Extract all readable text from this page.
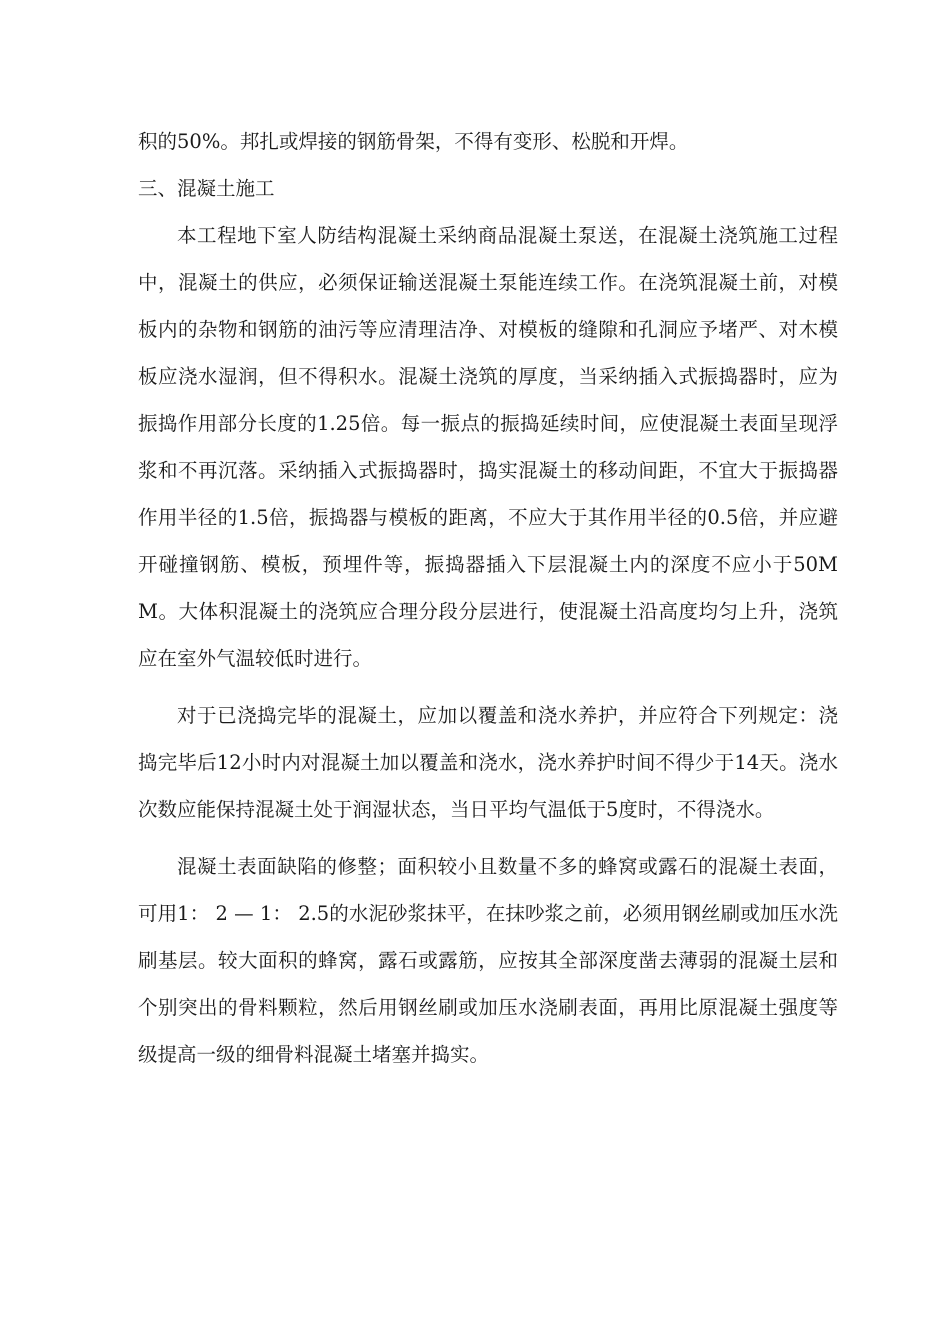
积的50%。邦扎或焊接的钢筋骨架，不得有变形、松脱和开焊。

三、混凝土施工

本工程地下室人防结构混凝土采纳商品混凝土泵送，在混凝土浇筑施工过程中，混凝土的供应，必须保证输送混凝土泵能连续工作。在浇筑混凝土前，对模板内的杂物和钢筋的油污等应清理洁净、对模板的缝隙和孔洞应予堵严、对木模板应浇水湿润，但不得积水。混凝土浇筑的厚度，当采纳插入式振捣器时，应为振捣作用部分长度的1.25倍。每一振点的振捣延续时间，应使混凝土表面呈现浮浆和不再沉落。采纳插入式振捣器时，捣实混凝土的移动间距，不宜大于振捣器作用半径的1.5倍，振捣器与模板的距离，不应大于其作用半径的0.5倍，并应避开碰撞钢筋、模板，预埋件等，振捣器插入下层混凝土内的深度不应小于50MM。大体积混凝土的浇筑应合理分段分层进行，使混凝土沿高度均匀上升，浇筑应在室外气温较低时进行。

对于已浇捣完毕的混凝土，应加以覆盖和浇水养护，并应符合下列规定：浇捣完毕后12小时内对混凝土加以覆盖和浇水，浇水养护时间不得少于14天。浇水次数应能保持混凝土处于润湿状态，当日平均气温低于5度时，不得浇水。

混凝土表面缺陷的修整；面积较小且数量不多的蜂窝或露石的混凝土表面，可用1： 2 — 1： 2.5的水泥砂浆抹平，在抹吵浆之前，必须用钢丝刷或加压水洗刷基层。较大面积的蜂窝，露石或露筋，应按其全部深度凿去薄弱的混凝土层和个别突出的骨料颗粒，然后用钢丝刷或加压水浇刷表面，再用比原混凝土强度等级提高一级的细骨料混凝土堵塞并捣实。
